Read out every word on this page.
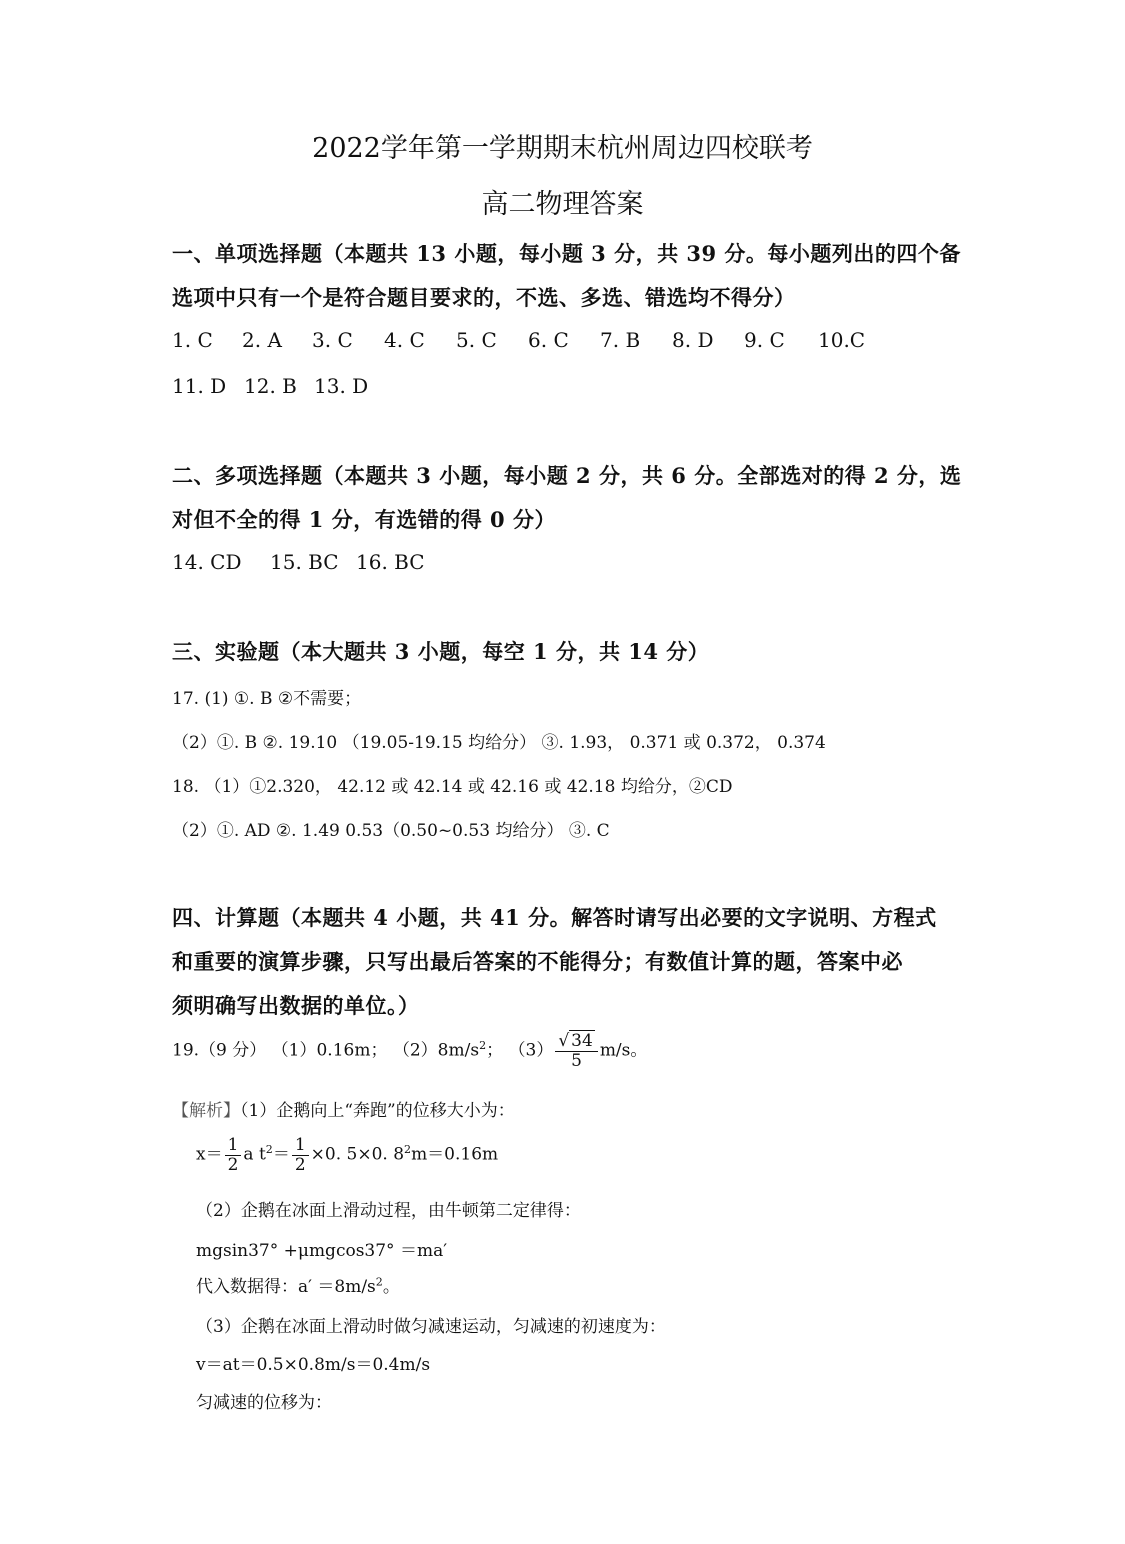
2022学年第一学期期末杭州周边四校联考
高二物理答案
一、单项选择题（本题共 13 小题，每小题 3 分，共 39 分。每小题列出的四个备
选项中只有一个是符合题目要求的，不选、多选、错选均不得分）
1. C 2. A 3. C 4. C 5. C 6. C 7. B 8. D 9. C 10.C
11. D 12. B 13. D
二、多项选择题（本题共 3 小题，每小题 2 分，共 6 分。全部选对的得 2 分，选
对但不全的得 1 分，有选错的得 0 分）
14. CD 15. BC 16. BC
三、实验题（本大题共 3 小题，每空 1 分，共 14 分）
17. (1) ①. B ②不需要；
（2）①. B ②. 19.10 （19.05-19.15 均给分） ③. 1.93， 0.371 或 0.372， 0.374
18. （1）①2.320， 42.12 或 42.14 或 42.16 或 42.18 均给分，②CD
（2）①. AD ②. 1.49 0.53（0.50~0.53 均给分） ③. C
四、计算题（本题共 4 小题，共 41 分。解答时请写出必要的文字说明、方程式
和重要的演算步骤，只写出最后答案的不能得分；有数值计算的题，答案中必
须明确写出数据的单位。）
19.（9 分） （1）0.16m； $(2)8m/s^2$； $(3) \frac{√ 34}{5} m/s$。
【解析】（1）企鹅向上“奔跑”的位移大小为：
$x= \frac{1}{2}$ a $t^2= \frac{1}{2} \times 0$. 5×0. $8^2m=0.16m$
（2）企鹅在冰面上滑动过程，由牛顿第二定律得：
mgsin37° +μmgcos37° ＝ma′
代入数据得：$a' =8m/s^2$。
（3）企鹅在冰面上滑动时做匀减速运动，匀减速的初速度为：
v＝at＝0.5×0.8m/s＝0.4m/s
匀减速的位移为：
